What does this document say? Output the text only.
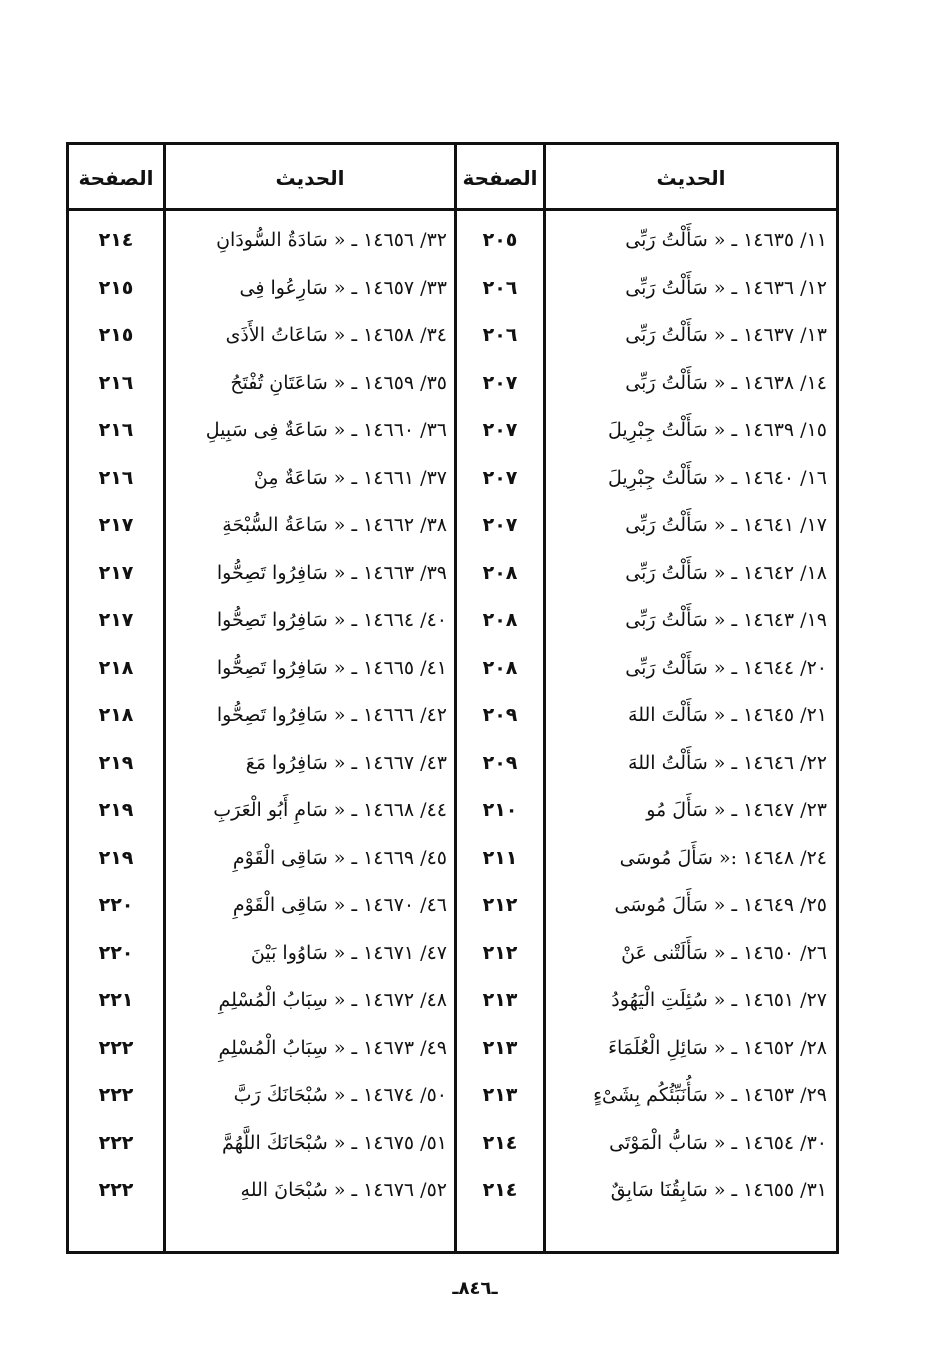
الصفحة	الحديث	الصفحة	الحديث
٢١٤	٣٢/ ١٤٦٥٦ ـ « سَادَةُ السُّودَانِ	٢٠٥	١١/ ١٤٦٣٥ ـ « سَأَلْتُ رَبِّى
٢١٥	٣٣/ ١٤٦٥٧ ـ « سَارِعُوا فِى	٢٠٦	١٢/ ١٤٦٣٦ ـ « سَأَلْتُ رَبِّى
٢١٥	٣٤/ ١٤٦٥٨ ـ « سَاعَاتُ الأَذَى	٢٠٦	١٣/ ١٤٦٣٧ ـ « سَأَلْتُ رَبِّى
٢١٦	٣٥/ ١٤٦٥٩ ـ « سَاعَتَانِ تُفْتَحُ	٢٠٧	١٤/ ١٤٦٣٨ ـ « سَأَلْتُ رَبِّى
٢١٦	٣٦/ ١٤٦٦٠ ـ « سَاعَةٌ فِى سَبِيلِ	٢٠٧	١٥/ ١٤٦٣٩ ـ « سَأَلْتُ جِبْرِيلَ
٢١٦	٣٧/ ١٤٦٦١ ـ « سَاعَةٌ مِنْ	٢٠٧	١٦/ ١٤٦٤٠ ـ « سَأَلْتُ جِبْرِيلَ
٢١٧	٣٨/ ١٤٦٦٢ ـ « سَاعَةُ السُّبْحَةِ	٢٠٧	١٧/ ١٤٦٤١ ـ « سَأَلْتُ رَبِّى
٢١٧	٣٩/ ١٤٦٦٣ ـ « سَافِرُوا تَصِحُّوا	٢٠٨	١٨/ ١٤٦٤٢ ـ « سَأَلْتُ رَبِّى
٢١٧	٤٠/ ١٤٦٦٤ ـ « سَافِرُوا تَصِحُّوا	٢٠٨	١٩/ ١٤٦٤٣ ـ « سَأَلْتُ رَبِّى
٢١٨	٤١/ ١٤٦٦٥ ـ « سَافِرُوا تَصِحُّوا	٢٠٨	٢٠/ ١٤٦٤٤ ـ « سَأَلْتُ رَبِّى
٢١٨	٤٢/ ١٤٦٦٦ ـ « سَافِرُوا تَصِحُّوا	٢٠٩	٢١/ ١٤٦٤٥ ـ « سَأَلْتَ اللهَ
٢١٩	٤٣/ ١٤٦٦٧ ـ « سَافِرُوا مَعَ	٢٠٩	٢٢/ ١٤٦٤٦ ـ « سَأَلْتُ اللهَ
٢١٩	٤٤/ ١٤٦٦٨ ـ « سَامِ أَبُو الْعَرَبِ	٢١٠	٢٣/ ١٤٦٤٧ ـ « سَأَلَ مُو
٢١٩	٤٥/ ١٤٦٦٩ ـ « سَاقِى الْقَوْمِ	٢١١	٢٤/ ١٤٦٤٨ :« سَأَلَ مُوسَى
٢٢٠	٤٦/ ١٤٦٧٠ ـ « سَاقِى الْقَوْمِ	٢١٢	٢٥/ ١٤٦٤٩ ـ « سَأَلَ مُوسَى
٢٢٠	٤٧/ ١٤٦٧١ ـ « سَاوُوا بَيْنَ	٢١٢	٢٦/ ١٤٦٥٠ ـ « سَأَلَتْنى عَنْ
٢٢١	٤٨/ ١٤٦٧٢ ـ « سِبَابُ الْمُسْلِمِ	٢١٣	٢٧/ ١٤٦٥١ ـ « سُئِلَتِ الْيَهُودُ
٢٢٢	٤٩/ ١٤٦٧٣ ـ « سِبَابُ الْمُسْلِمِ	٢١٣	٢٨/ ١٤٦٥٢ ـ « سَائِلِ الْعُلَمَاءَ
٢٢٢	٥٠/ ١٤٦٧٤ ـ « سُبْحَانَكَ رَبَّ	٢١٣	٢٩/ ١٤٦٥٣ ـ « سَأُنَبِّئُكُم بِشَىْءٍ
٢٢٢	٥١/ ١٤٦٧٥ ـ « سُبْحَانَكَ اللَّهُمَّ	٢١٤	٣٠/ ١٤٦٥٤ ـ « سَابُّ الْمَوْتَى
٢٢٢	٥٢/ ١٤٦٧٦ ـ « سُبْحَانَ اللهِ	٢١٤	٣١/ ١٤٦٥٥ ـ « سَابِقُنَا سَابِقٌ
ـ٨٤٦ـ
